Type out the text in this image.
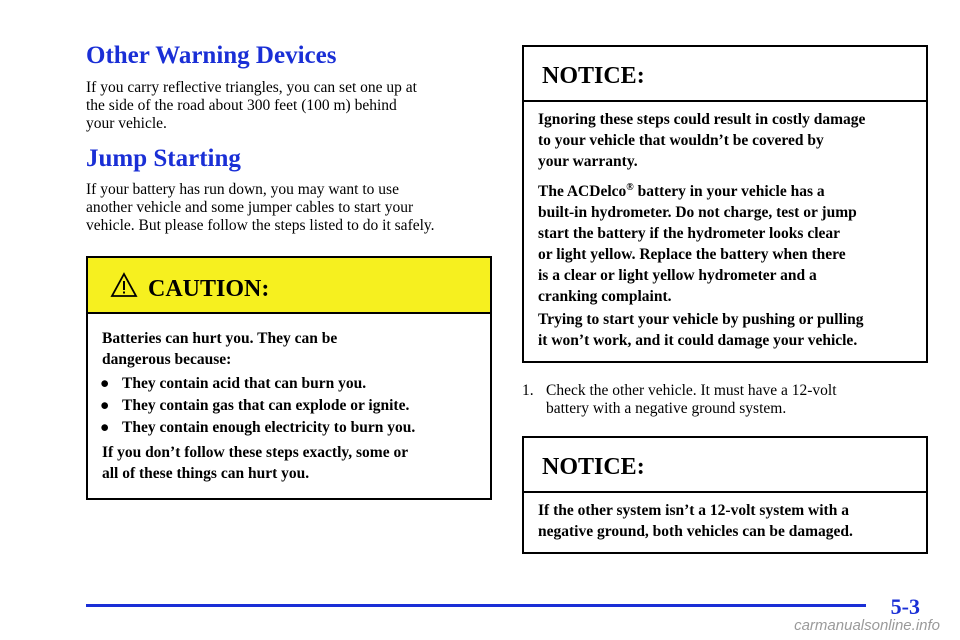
Other Warning Devices

If you carry reflective triangles, you can set one up at
the side of the road about 300 feet (100 m) behind
your vehicle.

Jump Starting

If your battery has run down, you may want to use
another vehicle and some jumper cables to start your
vehicle. But please follow the steps listed to do it safely.

CAUTION:

Batteries can hurt you. They can be
dangerous because:

● They contain acid that can burn you.
● They contain gas that can explode or ignite.
● They contain enough electricity to burn you.

If you don’t follow these steps exactly, some or
all of these things can hurt you.

NOTICE:

Ignoring these steps could result in costly damage
to your vehicle that wouldn’t be covered by
your warranty.

The ACDelco® battery in your vehicle has a
built-in hydrometer. Do not charge, test or jump
start the battery if the hydrometer looks clear
or light yellow. Replace the battery when there
is a clear or light yellow hydrometer and a
cranking complaint.

Trying to start your vehicle by pushing or pulling
it won’t work, and it could damage your vehicle.

1. Check the other vehicle. It must have a 12-volt
battery with a negative ground system.

NOTICE:

If the other system isn’t a 12-volt system with a
negative ground, both vehicles can be damaged.

5-3
carmanualsonline.info
